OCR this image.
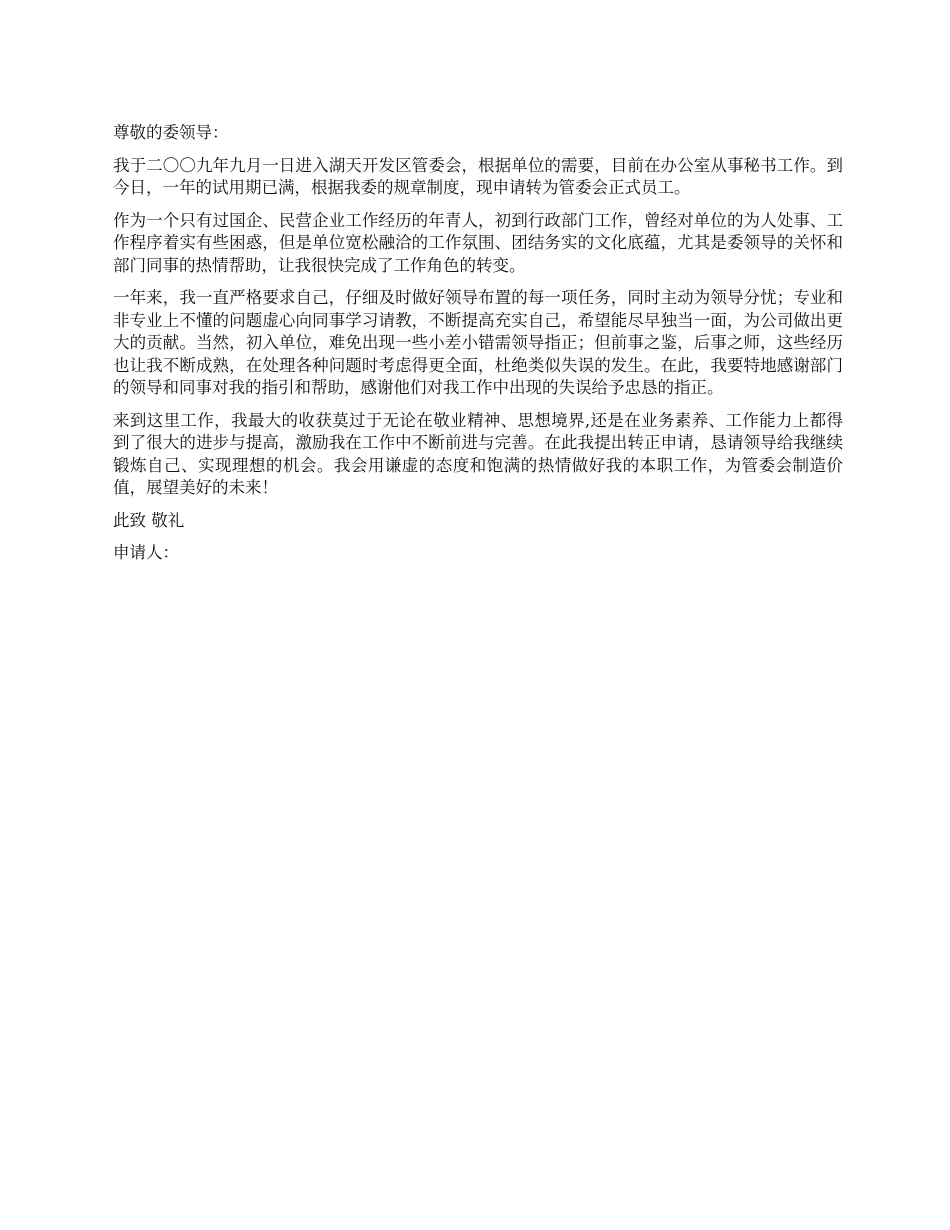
尊敬的委领导：

我于二〇〇九年九月一日进入湖天开发区管委会，根据单位的需要，目前在办公室从事秘书工作。到今日，一年的试用期已满，根据我委的规章制度，现申请转为管委会正式员工。

作为一个只有过国企、民营企业工作经历的年青人，初到行政部门工作，曾经对单位的为人处事、工作程序着实有些困惑，但是单位宽松融洽的工作氛围、团结务实的文化底蕴，尤其是委领导的关怀和部门同事的热情帮助，让我很快完成了工作角色的转变。

一年来，我一直严格要求自己，仔细及时做好领导布置的每一项任务，同时主动为领导分忧；专业和非专业上不懂的问题虚心向同事学习请教，不断提高充实自己，希望能尽早独当一面，为公司做出更大的贡献。当然，初入单位，难免出现一些小差小错需领导指正；但前事之鉴，后事之师，这些经历也让我不断成熟，在处理各种问题时考虑得更全面，杜绝类似失误的发生。在此，我要特地感谢部门的领导和同事对我的指引和帮助，感谢他们对我工作中出现的失误给予忠恳的指正。

来到这里工作，我最大的收获莫过于无论在敬业精神、思想境界,还是在业务素养、工作能力上都得到了很大的进步与提高，激励我在工作中不断前进与完善。在此我提出转正申请，恳请领导给我继续锻炼自己、实现理想的机会。我会用谦虚的态度和饱满的热情做好我的本职工作，为管委会制造价值，展望美好的未来！

此致 敬礼

申请人：
